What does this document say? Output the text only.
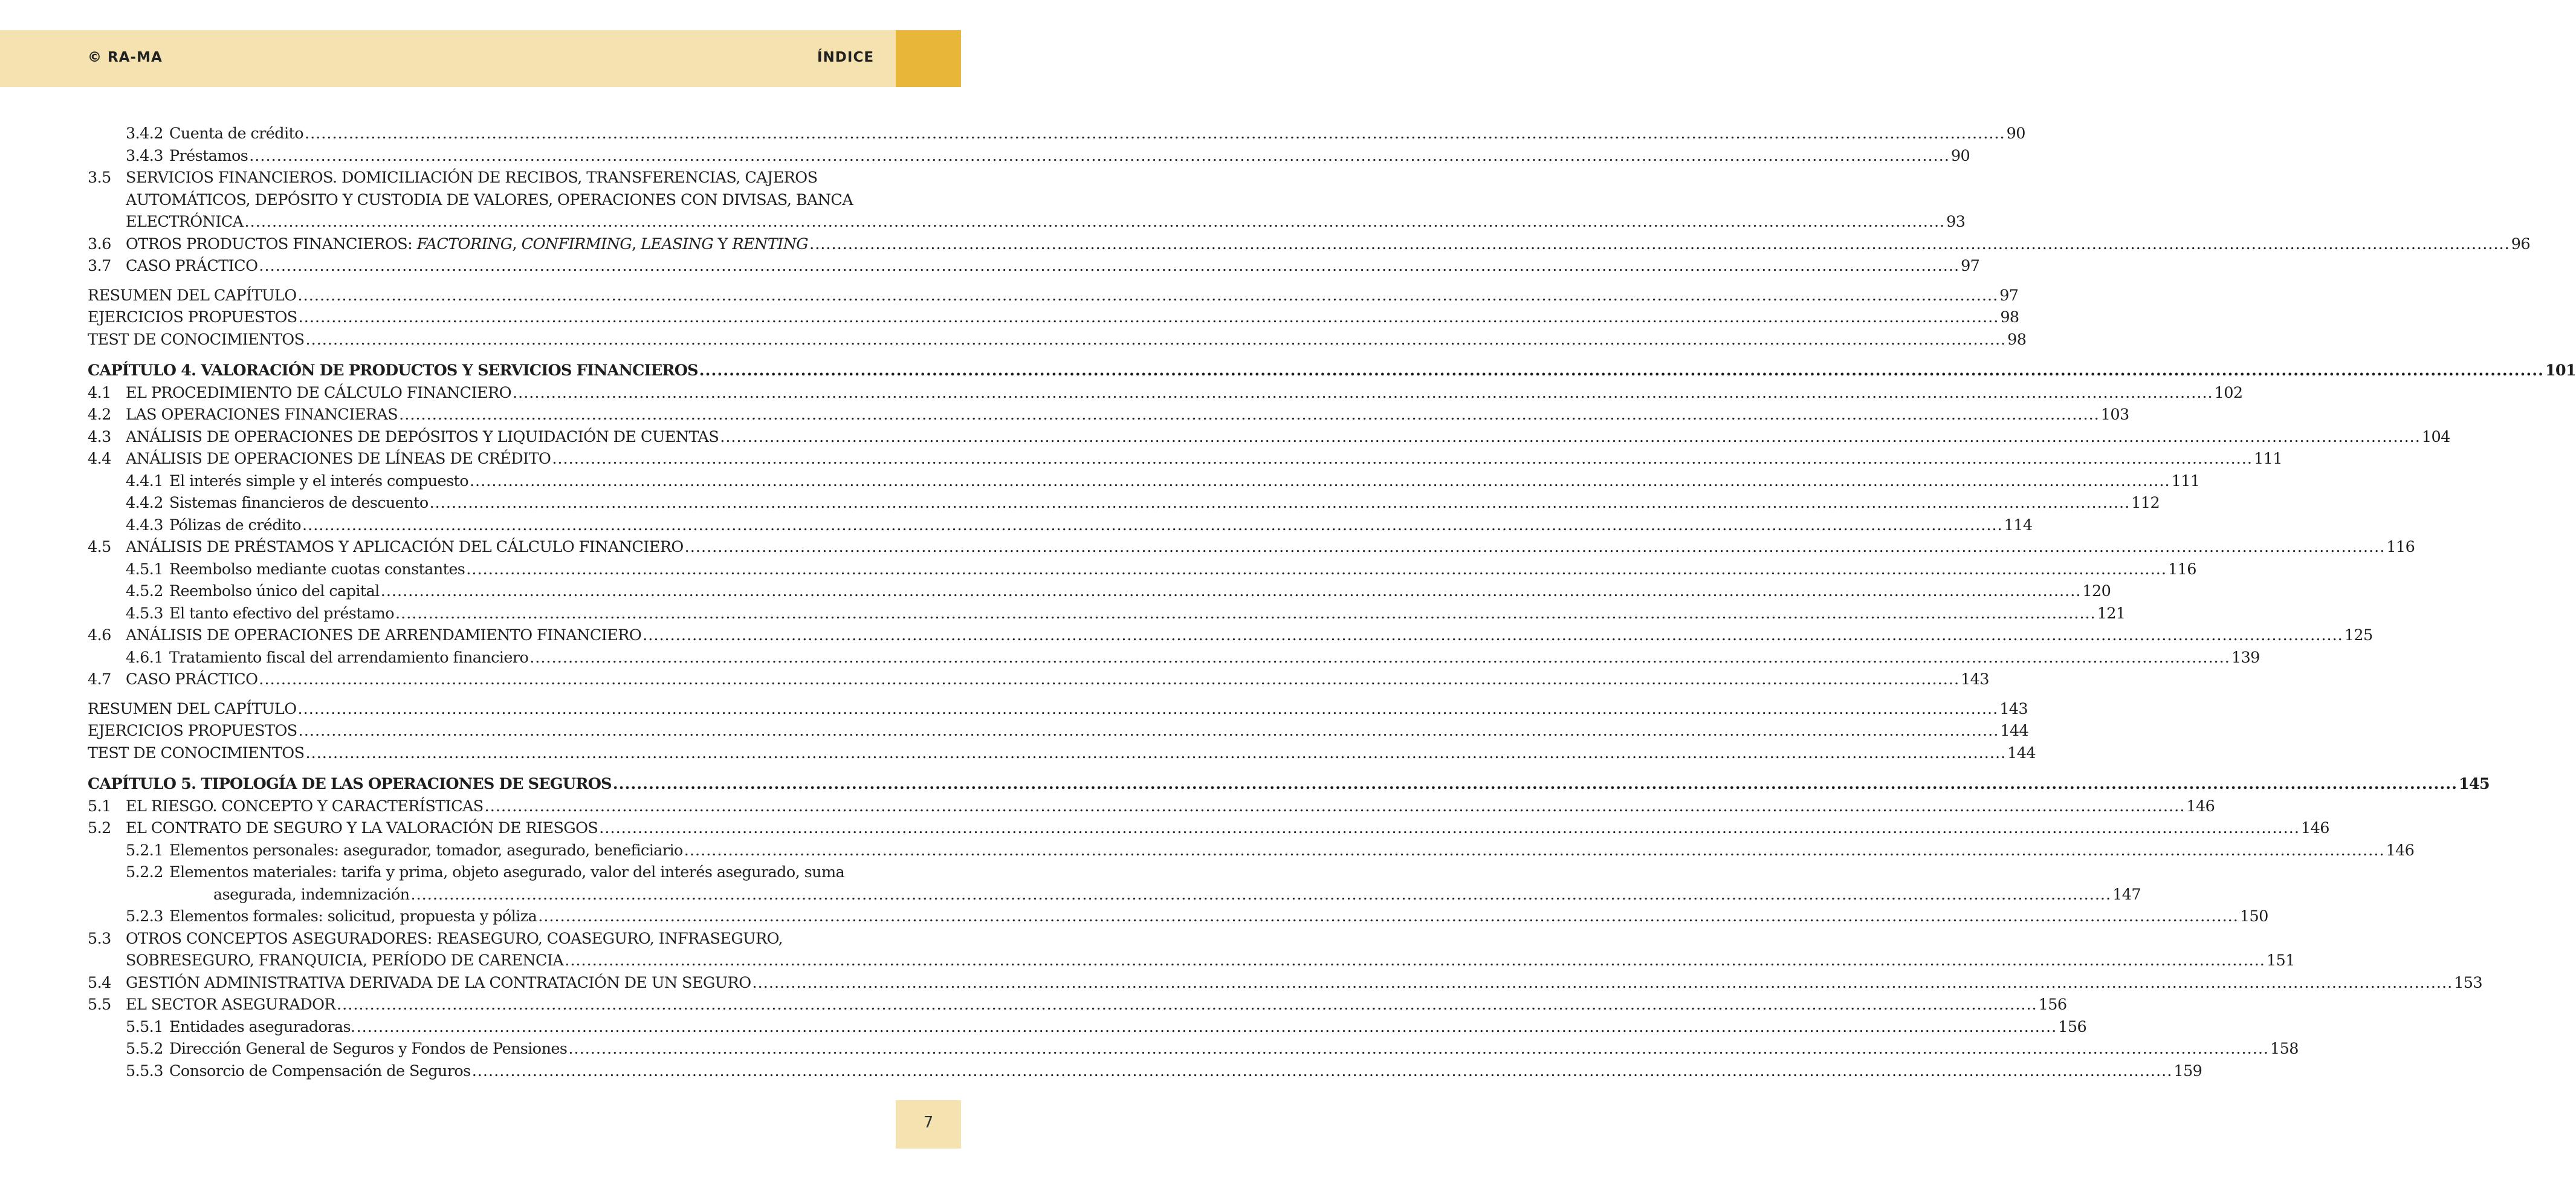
© RA-MA	ÍNDICE
3.4.2 Cuenta de crédito .....	90
3.4.3 Préstamos .....	90
3.5 SERVICIOS FINANCIEROS. DOMICILIACIÓN DE RECIBOS, TRANSFERENCIAS, CAJEROS
AUTOMÁTICOS, DEPÓSITO Y CUSTODIA DE VALORES, OPERACIONES CON DIVISAS, BANCA
ELECTRÓNICA .....	93
3.6 OTROS PRODUCTOS FINANCIEROS: FACTORING, CONFIRMING, LEASING Y RENTING .....	96
3.7 CASO PRÁCTICO .....	97
RESUMEN DEL CAPÍTULO .....	97
EJERCICIOS PROPUESTOS .....	98
TEST DE CONOCIMIENTOS .....	98
CAPÍTULO 4. VALORACIÓN DE PRODUCTOS Y SERVICIOS FINANCIEROS .....	101
4.1 EL PROCEDIMIENTO DE CÁLCULO FINANCIERO .....	102
4.2 LAS OPERACIONES FINANCIERAS .....	103
4.3 ANÁLISIS DE OPERACIONES DE DEPÓSITOS Y LIQUIDACIÓN DE CUENTAS .....	104
4.4 ANÁLISIS DE OPERACIONES DE LÍNEAS DE CRÉDITO .....	111
4.4.1 El interés simple y el interés compuesto .....	111
4.4.2 Sistemas financieros de descuento .....	112
4.4.3 Pólizas de crédito .....	114
4.5 ANÁLISIS DE PRÉSTAMOS Y APLICACIÓN DEL CÁLCULO FINANCIERO .....	116
4.5.1 Reembolso mediante cuotas constantes .....	116
4.5.2 Reembolso único del capital .....	120
4.5.3 El tanto efectivo del préstamo .....	121
4.6 ANÁLISIS DE OPERACIONES DE ARRENDAMIENTO FINANCIERO .....	125
4.6.1 Tratamiento fiscal del arrendamiento financiero .....	139
4.7 CASO PRÁCTICO .....	143
RESUMEN DEL CAPÍTULO .....	143
EJERCICIOS PROPUESTOS .....	144
TEST DE CONOCIMIENTOS .....	144
CAPÍTULO 5. TIPOLOGÍA DE LAS OPERACIONES DE SEGUROS .....	145
5.1 EL RIESGO. CONCEPTO Y CARACTERÍSTICAS .....	146
5.2 EL CONTRATO DE SEGURO Y LA VALORACIÓN DE RIESGOS .....	146
5.2.1 Elementos personales: asegurador, tomador, asegurado, beneficiario .....	146
5.2.2 Elementos materiales: tarifa y prima, objeto asegurado, valor del interés asegurado, suma
asegurada, indemnización .....	147
5.2.3 Elementos formales: solicitud, propuesta y póliza .....	150
5.3 OTROS CONCEPTOS ASEGURADORES: REASEGURO, COASEGURO, INFRASEGURO,
SOBRESEGURO, FRANQUICIA, PERÍODO DE CARENCIA .....	151
5.4 GESTIÓN ADMINISTRATIVA DERIVADA DE LA CONTRATACIÓN DE UN SEGURO .....	153
5.5 EL SECTOR ASEGURADOR .....	156
5.5.1 Entidades aseguradoras. .....	156
5.5.2 Dirección General de Seguros y Fondos de Pensiones .....	158
5.5.3 Consorcio de Compensación de Seguros .....	159
7
